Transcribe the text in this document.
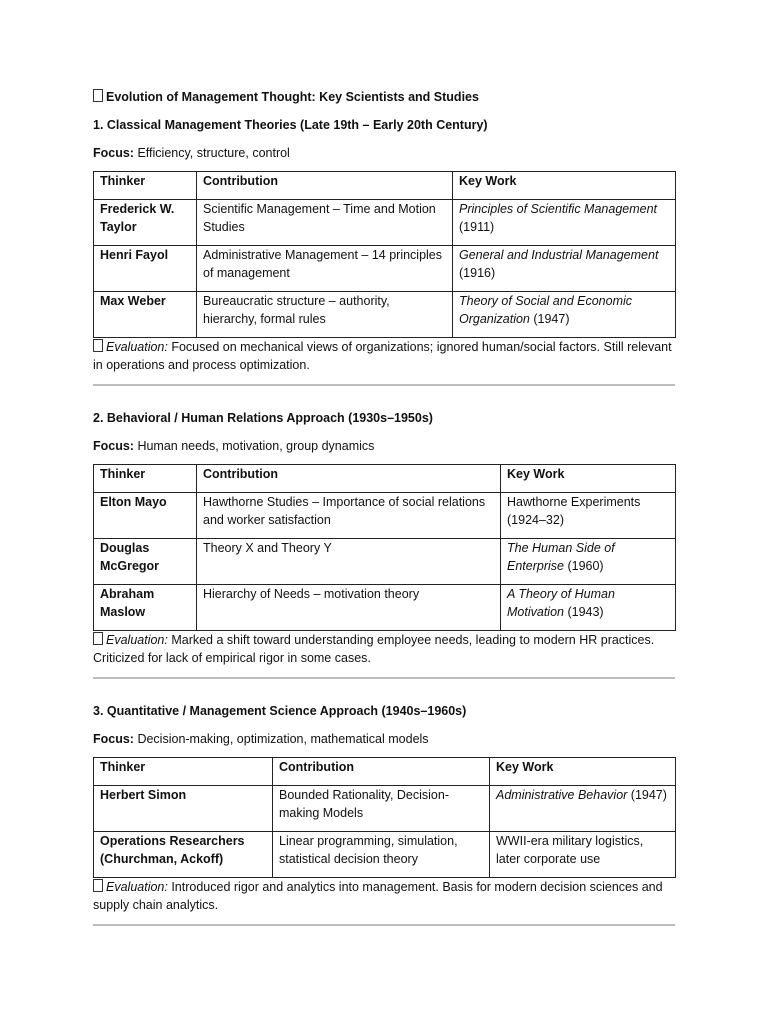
Evolution of Management Thought: Key Scientists and Studies
1. Classical Management Theories (Late 19th – Early 20th Century)
Focus: Efficiency, structure, control
Thinker	Contribution	Key Work
Frederick W. Taylor	Scientific Management – Time and Motion Studies	Principles of Scientific Management (1911)
Henri Fayol	Administrative Management – 14 principles of management	General and Industrial Management (1916)
Max Weber	Bureaucratic structure – authority, hierarchy, formal rules	Theory of Social and Economic Organization (1947)
Evaluation: Focused on mechanical views of organizations; ignored human/social factors. Still relevant in operations and process optimization.
2. Behavioral / Human Relations Approach (1930s–1950s)
Focus: Human needs, motivation, group dynamics
Thinker	Contribution	Key Work
Elton Mayo	Hawthorne Studies – Importance of social relations and worker satisfaction	Hawthorne Experiments (1924–32)
Douglas McGregor	Theory X and Theory Y	The Human Side of Enterprise (1960)
Abraham Maslow	Hierarchy of Needs – motivation theory	A Theory of Human Motivation (1943)
Evaluation: Marked a shift toward understanding employee needs, leading to modern HR practices. Criticized for lack of empirical rigor in some cases.
3. Quantitative / Management Science Approach (1940s–1960s)
Focus: Decision-making, optimization, mathematical models
Thinker	Contribution	Key Work
Herbert Simon	Bounded Rationality, Decision-making Models	Administrative Behavior (1947)
Operations Researchers (Churchman, Ackoff)	Linear programming, simulation, statistical decision theory	WWII-era military logistics, later corporate use
Evaluation: Introduced rigor and analytics into management. Basis for modern decision sciences and supply chain analytics.
